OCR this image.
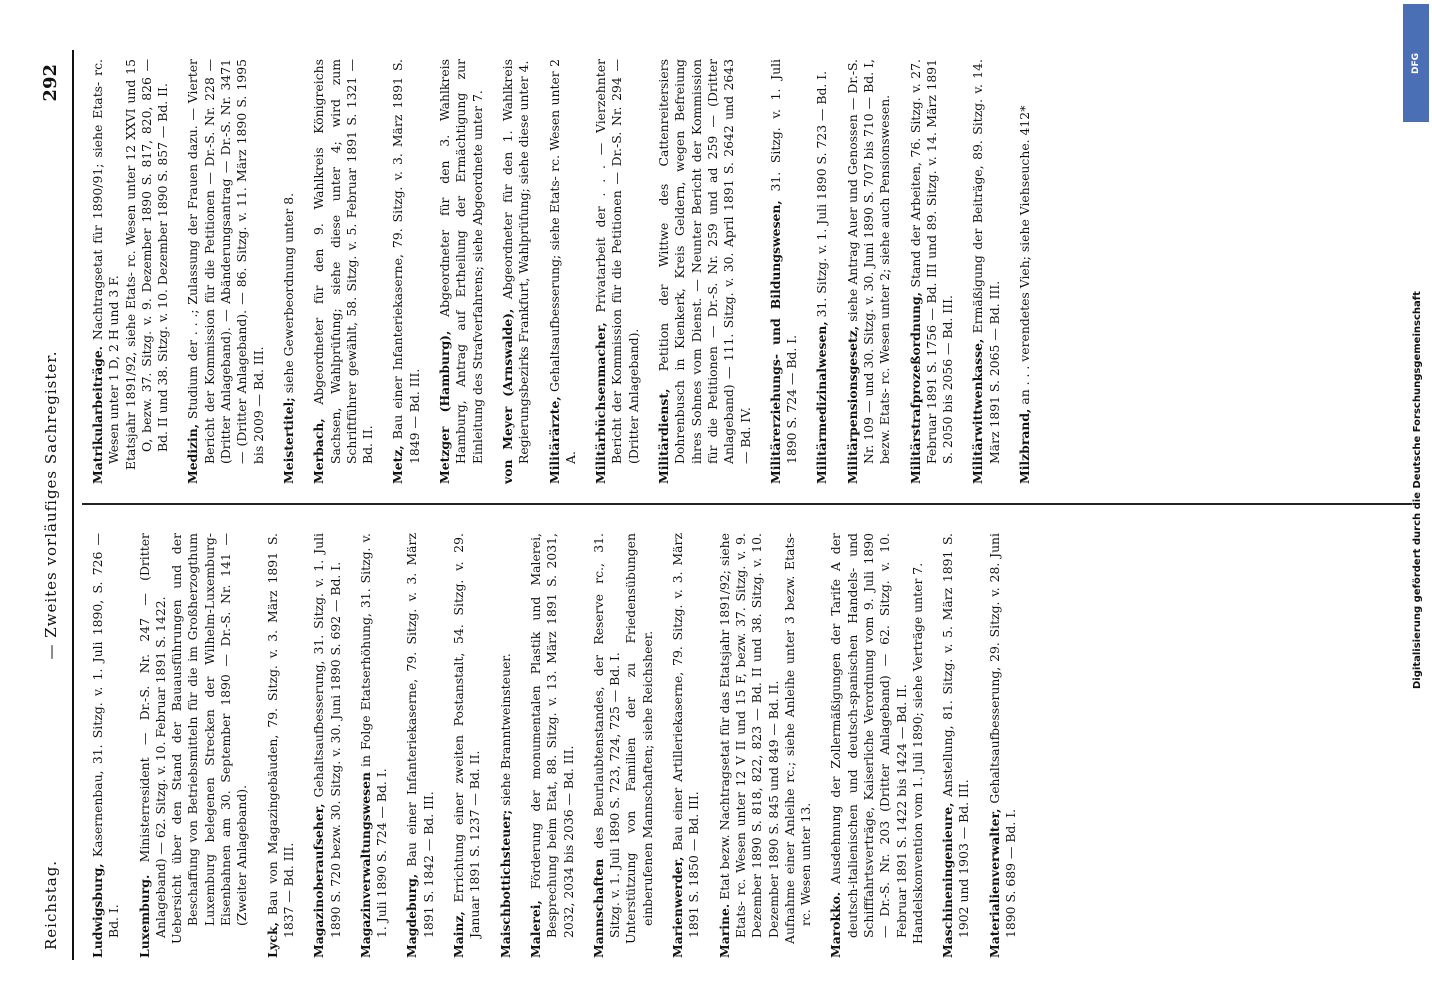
Reichstag.
— Zweites vorläufiges Sachregister.
292

Ludwigsburg, Kasernenbau, 31. Sitzg. v. 1. Juli 1890, S. 726 — Bd. I. Luxemburg. Ministerresident — Dr.-S. Nr. 247 — (Dritter Anlageband) — 62. Sitzg. v. 10. Februar 1891 S. 1422. Uebersicht über den Stand der Bauausführungen und der Beschaffung von Betriebsmitteln für die im Großherzogthum Luxemburg belegenen Strecken der Wilhelm-Luxemburg-Eisenbahnen am 30. September 1890 — Dr.-S. Nr. 141 — (Zweiter Anlageband).

Lyck, Bau von Magazingebäuden, 79. Sitzg. v. 3. März 1891 S. 1837 — Bd. III. Magazinoberaufseher, Gehaltsaufbesserung, 31. Sitzg. v. 1. Juli 1890 S. 720 bezw. 30. Sitzg. v. 30. Juni 1890 S. 692 — Bd. I. Magazinverwaltungswesen in Folge Etatserhöhung, 31. Sitzg. v. 1. Juli 1890 S. 724 — Bd. I. Magdeburg, Bau einer Infanteriekaserne, 79. Sitzg. v. 3. März 1891 S. 1842 — Bd. III. Mainz, Errichtung einer zweiten Postanstalt, 54. Sitzg. v. 29. Januar 1891 S. 1237 — Bd. II. Maischbottichsteuer; siehe Branntweinsteuer.

Malerei, Förderung der monumentalen Plastik und Malerei, Besprechung beim Etat, 88. Sitzg. v. 13. März 1891 S. 2031, 2032, 2034 bis 2036 — Bd. III. Mannschaften des Beurlaubtenstandes, der Reserve rc., 31. Sitzg. v. 1. Juli 1890 S. 723, 724, 725 — Bd. I. Unterstützung von Familien der zu Friedensübungen einberufenen Mannschaften; siehe Reichsheer. Marienwerder, Bau einer Artilleriekaserne, 79. Sitzg. v. 3. März 1891 S. 1850 — Bd. III. Marine. Etat bezw. Nachtragsetat für das Etatsjahr 1891/92; siehe Etats- rc. Wesen unter 12 V II und 15 F, bezw. 37. Sitzg. v. 9. Dezember 1890 S. 818, 822, 823 — Bd. II und 38. Sitzg. v. 10. Dezember 1890 S. 845 und 849 — Bd. II. Aufnahme einer Anleihe rc.; siehe Anleihe unter 3 bezw. Etats- rc. Wesen unter 13. Marokko. Ausdehnung der Zollermäßigungen der Tarife A der deutsch-italienischen und deutsch-spanischen Handels- und Schifffahrtsverträge, Kaiserliche Verordnung vom 9. Juli 1890 — Dr.-S. Nr. 203 (Dritter Anlageband) — 62. Sitzg. v. 10. Februar 1891 S. 1422 bis 1424 — Bd. II. Handelskonvention vom 1. Juli 1890; siehe Verträge unter 7. Maschineningenieure, Anstellung, 81. Sitzg. v. 5. März 1891 S. 1902 und 1903 — Bd. III. Materialienverwalter, Gehaltsaufbesserung, 29. Sitzg. v. 28. Juni 1890 S. 689 — Bd. I.

Matrikularbeiträge. Nachtragsetat für 1890/91; siehe Etats- rc. Wesen unter 1 D, 2 H und 3 F. Etatsjahr 1891/92, siehe Etats- rc. Wesen unter 12 XXVI und 15 O, bezw. 37. Sitzg. v. 9. Dezember 1890 S. 817, 820, 826 — Bd. II und 38. Sitzg. v. 10. Dezember 1890 S. 857 — Bd. II.

Medizin, Studium der . . .; Zulassung der Frauen dazu. — Vierter Bericht der Kommission für die Petitionen — Dr.-S. Nr. 228 — (Dritter Anlageband). — Abänderungsantrag — Dr.-S. Nr. 3471 — (Dritter Anlageband). — 86. Sitzg. v. 11. März 1890 S. 1995 bis 2009 — Bd. III. Meistertitel; siehe Gewerbeordnung unter 8.

Merbach, Abgeordneter für den 9. Wahlkreis Königreichs Sachsen, Wahlprüfung; siehe diese unter 4; wird zum Schriftführer gewählt, 58. Sitzg. v. 5. Februar 1891 S. 1321 — Bd. II.

Metz, Bau einer Infanteriekaserne, 79. Sitzg. v. 3. März 1891 S. 1849 — Bd. III. Metzger (Hamburg), Abgeordneter für den 3. Wahlkreis Hamburg, Antrag auf Ertheilung der Ermächtigung zur Einleitung des Strafverfahrens; siehe Abgeordnete unter 7. von Meyer (Arnswalde), Abgeordneter für den 1. Wahlkreis Regierungsbezirks Frankfurt, Wahlprüfung; siehe diese unter 4. Militärärzte, Gehaltsaufbesserung; siehe Etats- rc. Wesen unter 2 A. Militärbüchsenmacher, Privatarbeit der . . . — Vierzehnter Bericht der Kommission für die Petitionen — Dr.-S. Nr. 294 — (Dritter Anlageband). Militärdienst, Petition der Wittwe des Cattenreitersiers Dohrenbusch in Kienkerk, Kreis Geldern, wegen Befreiung ihres Sohnes vom Dienst. — Neunter Bericht der Kommission für die Petitionen — Dr.-S. Nr. 259 und ad 259 — (Dritter Anlageband) — 111. Sitzg. v. 30. April 1891 S. 2642 und 2643 — Bd. IV. Militärerziehungs- und Bildungswesen, 31. Sitzg. v. 1. Juli 1890 S. 724 — Bd. I. Militärmedizinalwesen, 31. Sitzg. v. 1. Juli 1890 S. 723 — Bd. I.

Militärpensionsgesetz, siehe Antrag Auer und Genossen — Dr.-S. Nr. 109 — und 30. Sitzg. v. 30. Juni 1890 S. 707 bis 710 — Bd. I, bezw. Etats- rc. Wesen unter 2; siehe auch Pensionswesen. Militärstrafprozeßordnung, Stand der Arbeiten, 76. Sitzg. v. 27. Februar 1891 S. 1756 — Bd. III und 89. Sitzg. v. 14. März 1891 S. 2050 bis 2056 — Bd. III. Militärwittwenkasse, Ermäßigung der Beiträge, 89. Sitzg. v. 14. März 1891 S. 2065 — Bd. III. Milzbrand, an . . . verendetes Vieh; siehe Viehseuche. 412*

DFG
Digitalisierung gefördert durch die Deutsche Forschungsgemeinschaft
